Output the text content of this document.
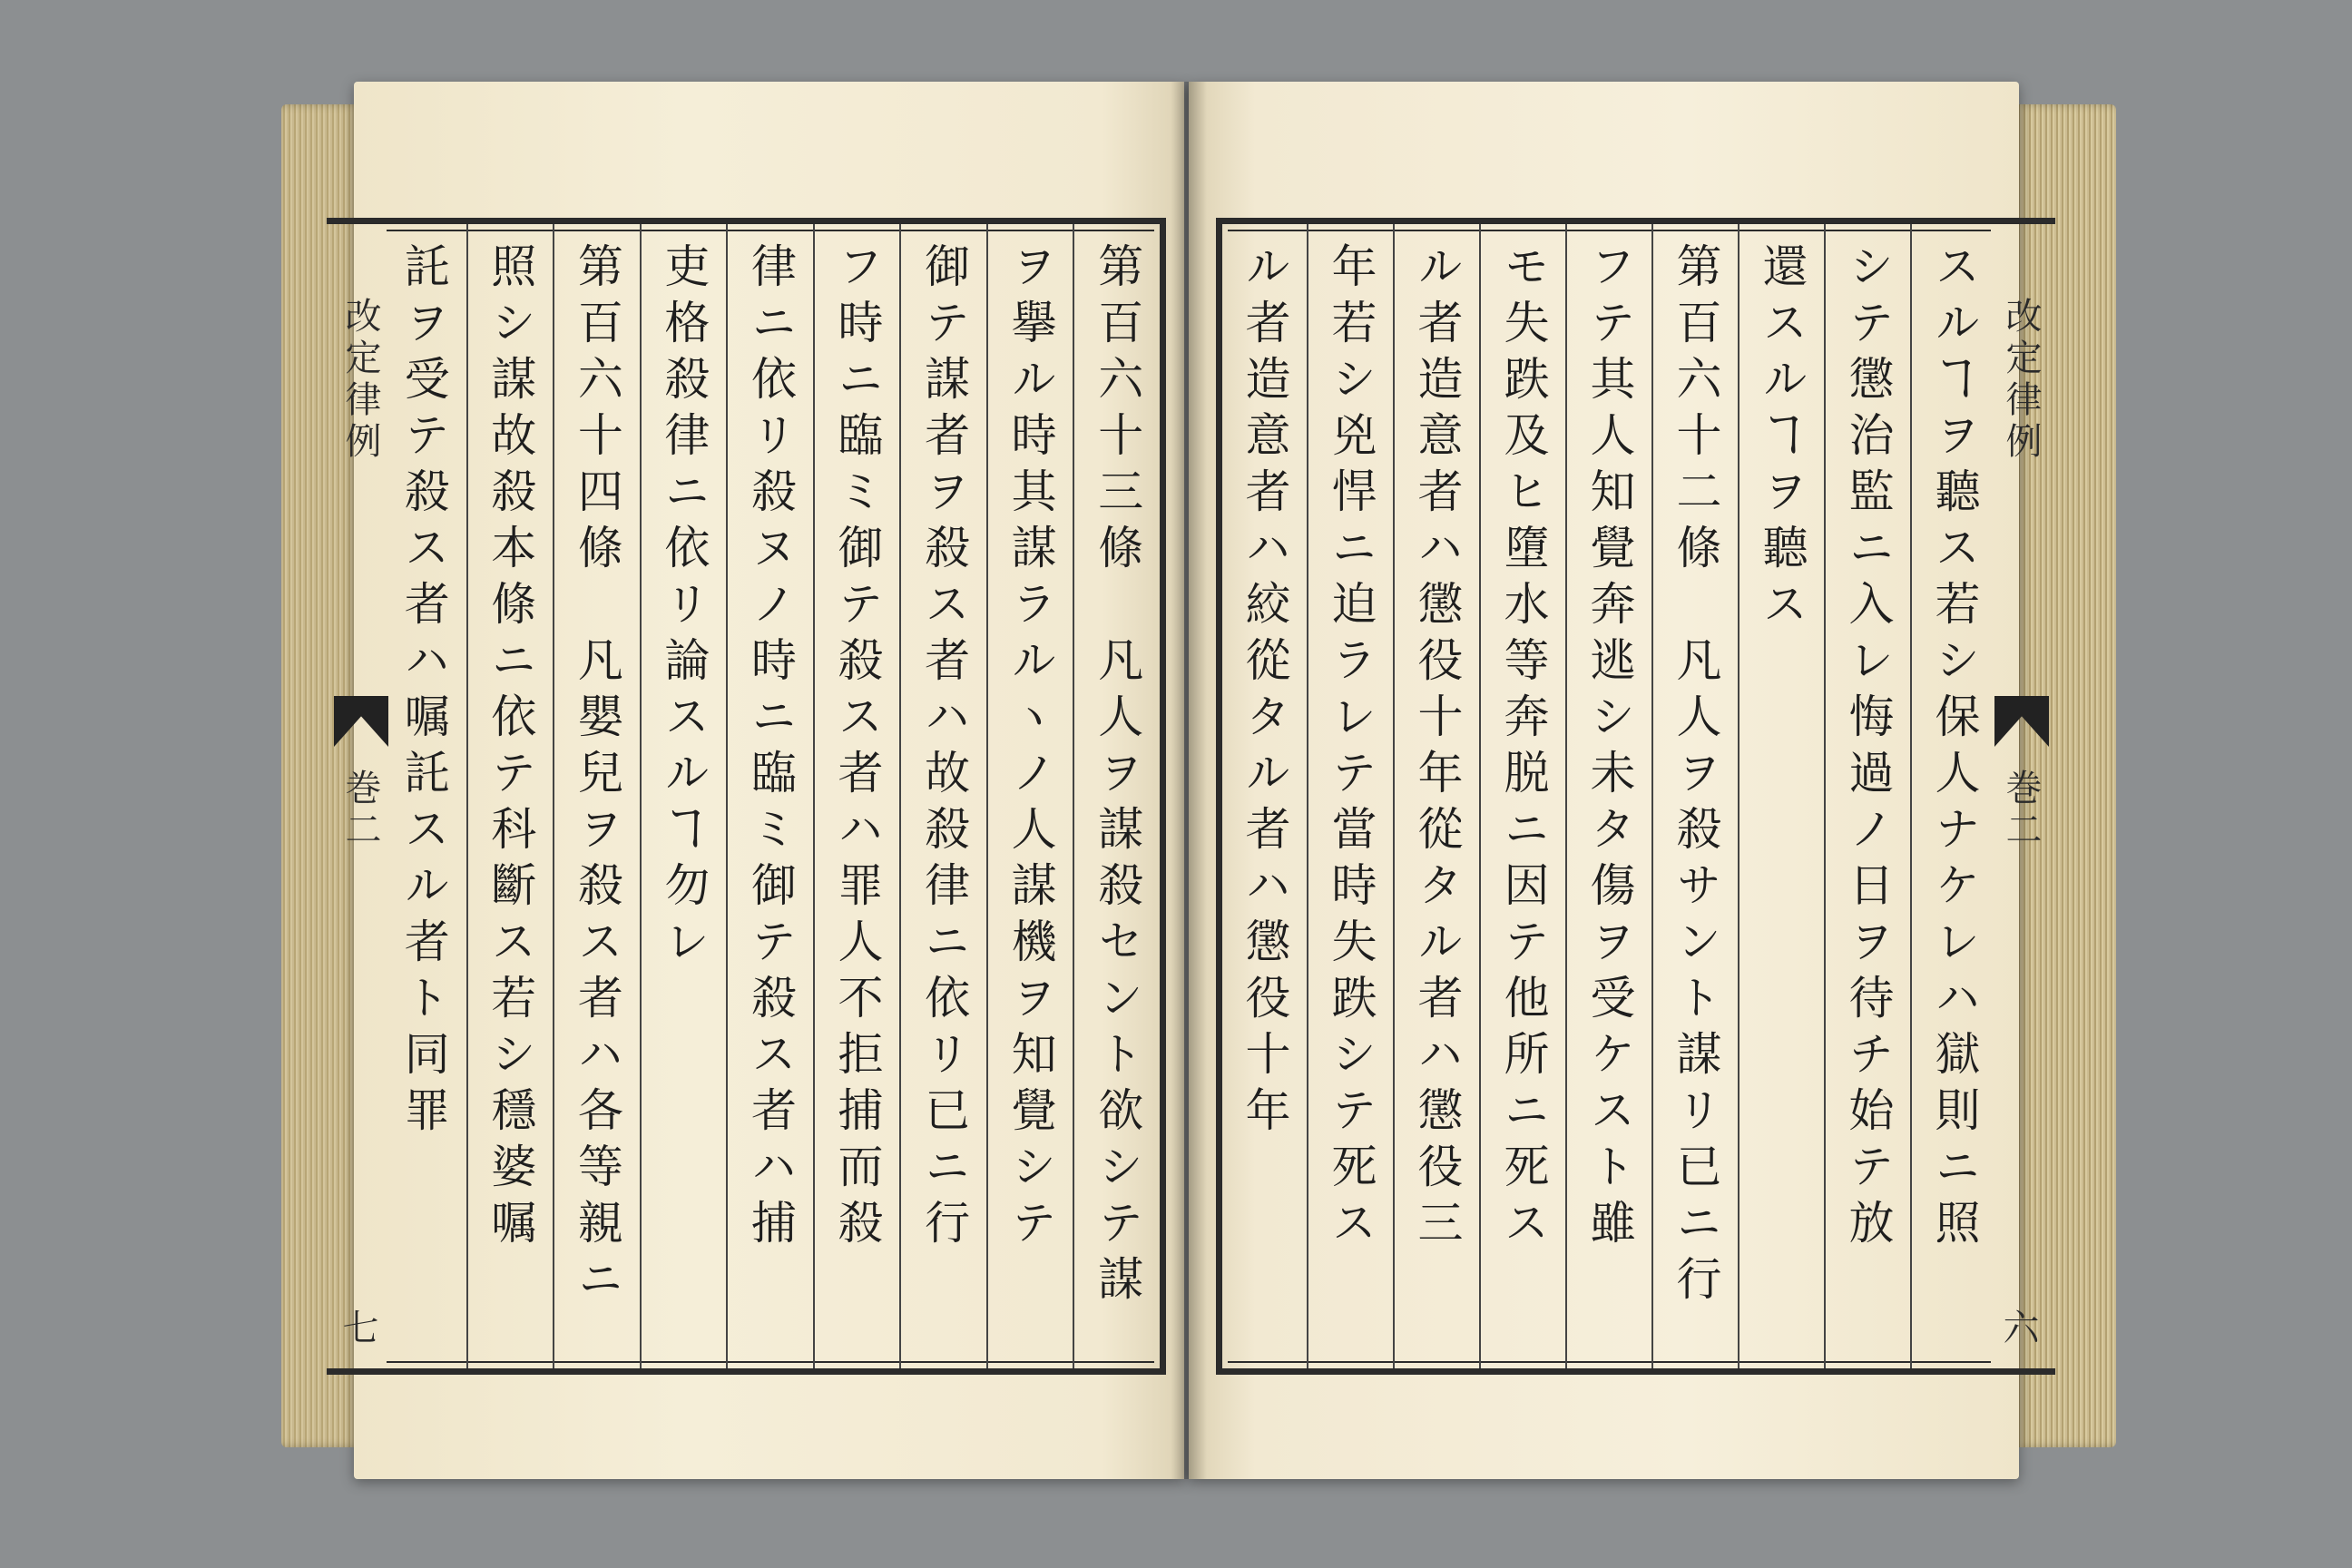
改定律例
巻二
七
第百六十三條　凡人ヲ謀殺セント欲シテ謀
ヲ擧ル時其謀ラルヽノ人謀機ヲ知覺シテ
御テ謀者ヲ殺ス者ハ故殺律ニ依リ已ニ行
フ時ニ臨ミ御テ殺ス者ハ罪人不拒捕而殺
律ニ依リ殺ヌノ時ニ臨ミ御テ殺ス者ハ捕
吏格殺律ニ依リ論スルヿ勿レ
第百六十四條　凡嬰兒ヲ殺ス者ハ各等親ニ
照シ謀故殺本條ニ依テ科斷ス若シ穩婆嘱
託ヲ受テ殺ス者ハ嘱託スル者ト同罪	スルヿヲ聽ス若シ保人ナケレハ獄則ニ照
シテ懲治監ニ入レ悔過ノ日ヲ待チ始テ放
還スルヿヲ聽ス
第百六十二條　凡人ヲ殺サント謀リ已ニ行
フテ其人知覺奔逃シ未タ傷ヲ受ケスト雖
モ失跌及ヒ墮水等奔脱ニ因テ他所ニ死ス
ル者造意者ハ懲役十年從タル者ハ懲役三
年若シ兇悍ニ迫ラレテ當時失跌シテ死ス
ル者造意者ハ絞從タル者ハ懲役十年	改定律例
巻二
六
